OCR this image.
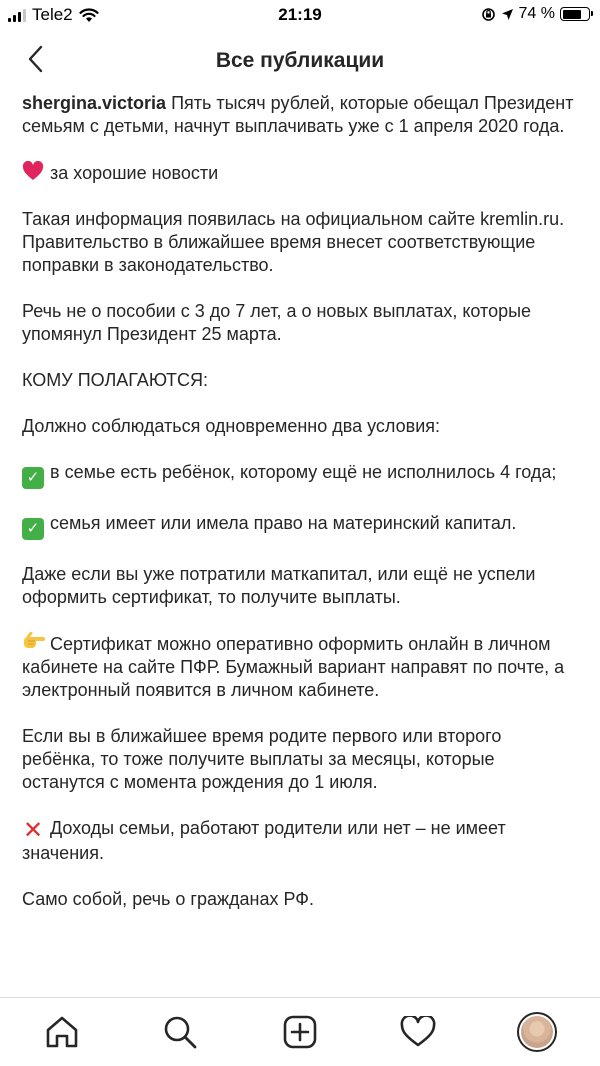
Tele2	21:19	74 %
Все публикации

shergina.victoria Пять тысяч рублей, которые обещал Президент семьям с детьми, начнут выплачивать уже с 1 апреля 2020 года.

за хорошие новости

Такая информация появилась на официальном сайте kremlin.ru. Правительство в ближайшее время внесет соответствующие поправки в законодательство.

Речь не о пособии с 3 до 7 лет, а о новых выплатах, которые упомянул Президент 25 марта.

КОМУ ПОЛАГАЮТСЯ:

Должно соблюдаться одновременно два условия:

✓ в семье есть ребёнок, которому ещё не исполнилось 4 года;

✓ семья имеет или имела право на материнский капитал.

Даже если вы уже потратили маткапитал, или ещё не успели оформить сертификат, то получите выплаты.

Сертификат можно оперативно оформить онлайн в личном кабинете на сайте ПФР. Бумажный вариант направят по почте, а электронный появится в личном кабинете.

Если вы в ближайшее время родите первого или второго ребёнка, то тоже получите выплаты за месяцы, которые останутся с момента рождения до 1 июля.

✕ Доходы семьи, работают родители или нет – не имеет значения.

Само собой, речь о гражданах РФ.
